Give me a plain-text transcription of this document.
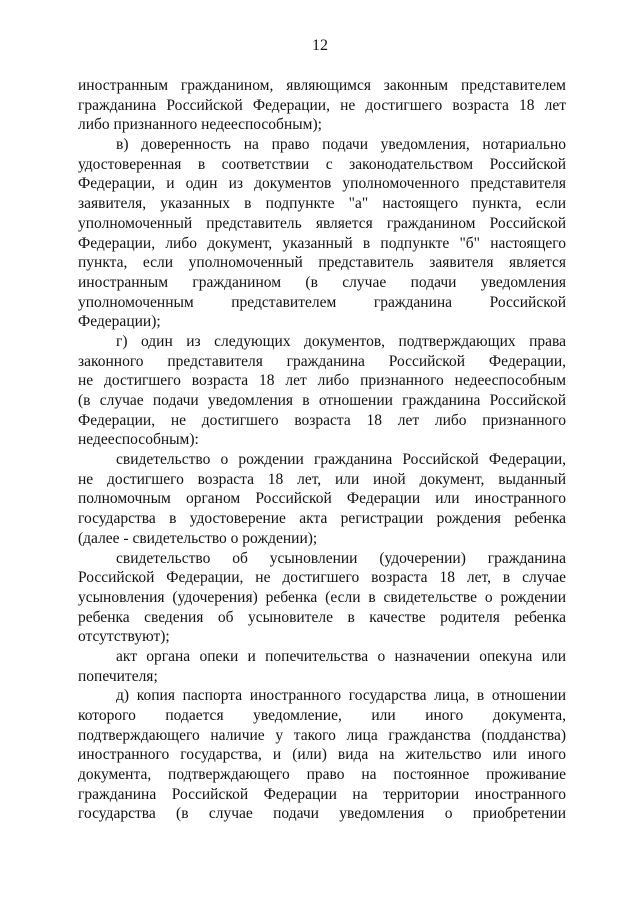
12
иностранным гражданином, являющимся законным представителем
гражданина Российской Федерации, не достигшего возраста 18 лет
либо признанного недееспособным);
в) доверенность на право подачи уведомления, нотариально
удостоверенная в соответствии с законодательством Российской
Федерации, и один из документов уполномоченного представителя
заявителя, указанных в подпункте "а" настоящего пункта, если
уполномоченный представитель является гражданином Российской
Федерации, либо документ, указанный в подпункте "б" настоящего
пункта, если уполномоченный представитель заявителя является
иностранным гражданином (в случае подачи уведомления
уполномоченным представителем гражданина Российской
Федерации);
г) один из следующих документов, подтверждающих права
законного представителя гражданина Российской Федерации,
не достигшего возраста 18 лет либо признанного недееспособным
(в случае подачи уведомления в отношении гражданина Российской
Федерации, не достигшего возраста 18 лет либо признанного
недееспособным):
свидетельство о рождении гражданина Российской Федерации,
не достигшего возраста 18 лет, или иной документ, выданный
полномочным органом Российской Федерации или иностранного
государства в удостоверение акта регистрации рождения ребенка
(далее - свидетельство о рождении);
свидетельство об усыновлении (удочерении) гражданина
Российской Федерации, не достигшего возраста 18 лет, в случае
усыновления (удочерения) ребенка (если в свидетельстве о рождении
ребенка сведения об усыновителе в качестве родителя ребенка
отсутствуют);
акт органа опеки и попечительства о назначении опекуна или
попечителя;
д) копия паспорта иностранного государства лица, в отношении
которого подается уведомление, или иного документа,
подтверждающего наличие у такого лица гражданства (подданства)
иностранного государства, и (или) вида на жительство или иного
документа, подтверждающего право на постоянное проживание
гражданина Российской Федерации на территории иностранного
государства (в случае подачи уведомления о приобретении
